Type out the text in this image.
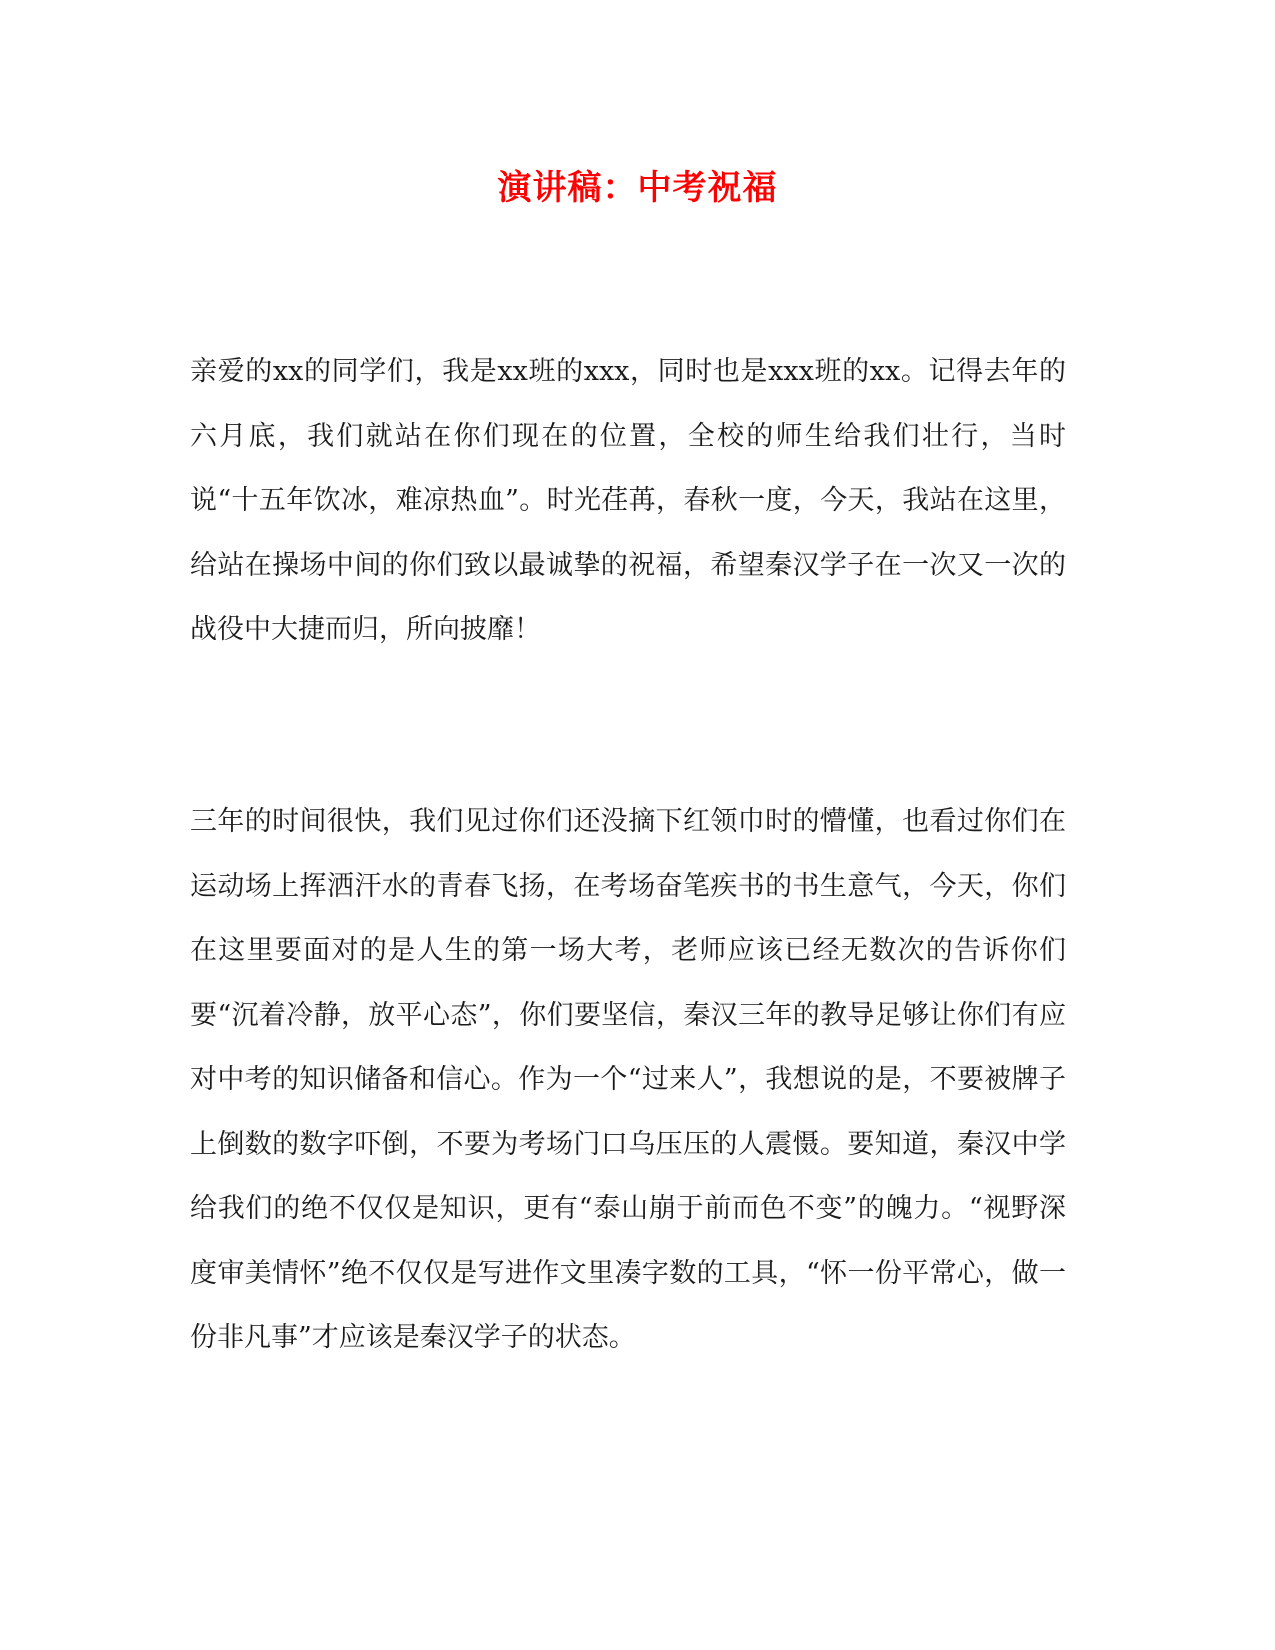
演讲稿：中考祝福

亲爱的xx的同学们，我是xx班的xxx，同时也是xxx班的xx。记得去年的六月底，我们就站在你们现在的位置，全校的师生给我们壮行，当时说“十五年饮冰，难凉热血”。时光荏苒，春秋一度，今天，我站在这里，给站在操场中间的你们致以最诚挚的祝福，希望秦汉学子在一次又一次的战役中大捷而归，所向披靡！

三年的时间很快，我们见过你们还没摘下红领巾时的懵懂，也看过你们在运动场上挥洒汗水的青春飞扬，在考场奋笔疾书的书生意气，今天，你们在这里要面对的是人生的第一场大考，老师应该已经无数次的告诉你们要“沉着冷静，放平心态”，你们要坚信，秦汉三年的教导足够让你们有应对中考的知识储备和信心。作为一个“过来人”，我想说的是，不要被牌子上倒数的数字吓倒，不要为考场门口乌压压的人震慑。要知道，秦汉中学给我们的绝不仅仅是知识，更有“泰山崩于前而色不变”的魄力。“视野深度审美情怀”绝不仅仅是写进作文里凑字数的工具，“怀一份平常心，做一份非凡事”才应该是秦汉学子的状态。
